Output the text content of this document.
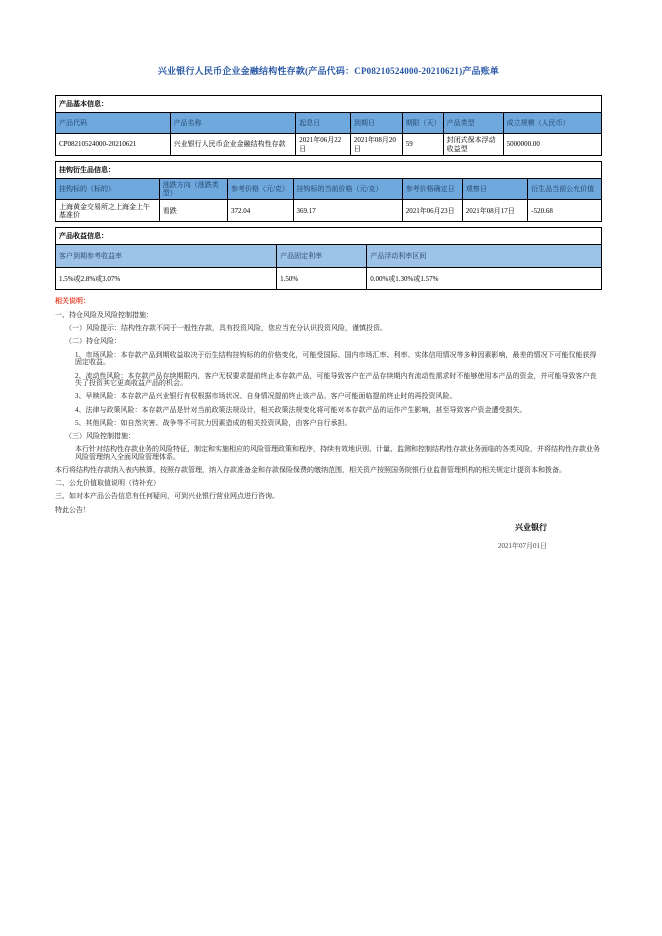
兴业银行人民币企业金融结构性存款(产品代码：CP08210524000-20210621)产品账单
产品基本信息：						
产品代码	产品名称	起息日	到期日	期限（天）	产品类型	成立规模（人民币）
CP08210524000-20210621	兴业银行人民币企业金融结构性存款	2021年06月22日	2021年08月20日	59	封闭式保本浮动收益型	5000000.00
挂钩衍生品信息：						
挂钩标的（标的）	涨跌方向（涨跌类型）	参考价格（元/克）	挂钩标的当前价格（元/克）	参考价格确定日	观察日	衍生品当前公允价值
上海黄金交易所之上海金上午基准价	看跌	372.04	369.17	2021年06月23日	2021年08月17日	-520.68
产品收益信息：		
客户到期参考收益率	产品固定利率	产品浮动利率区间
1.5%或2.8%或3.07%	1.50%	0.00%或1.30%或1.57%
相关说明：

一、持仓风险及风险控制措施：

（一）风险提示：结构性存款不同于一般性存款，具有投资风险，您应当充分认识投资风险，谨慎投资。

（二）持仓风险：

1、市场风险：本存款产品到期收益取决于衍生结构挂钩标的的价格变化，可能受国际、国内市场汇率、利率、实体信用情况等多种因素影响，最差的情况下可能仅能获得固定收益。

2、流动性风险：本存款产品存续期限内，客户无权要求提前终止本存款产品，可能导致客户在产品存续期内有流动性需求时不能够使用本产品的资金，并可能导致客户丧失了投资其它更高收益产品的机会。

3、早赎风险：本存款产品兴业银行有权根据市场状况、自身情况提前终止该产品。客户可能面临提前终止时的再投资风险。

4、法律与政策风险：本存款产品是针对当前政策法规设计，相关政策法规变化将可能对本存款产品的运作产生影响，甚至导致客户资金遭受损失。

5、其他风险：如自然灾害、战争等不可抗力因素造成的相关投资风险，由客户自行承担。

（三）风险控制措施：

本行针对结构性存款业务的风险特征，制定和实施相应的风险管理政策和程序，持续有效地识别、计量、监测和控制结构性存款业务面临的各类风险，并将结构性存款业务风险管理纳入全面风险管理体系。

本行将结构性存款纳入表内核算，按照存款管理，纳入存款准备金和存款保险保费的缴纳范围，相关资产按照国务院银行业监督管理机构的相关规定计提资本和拨备。

二、公允价值取值说明（待补充）

三、如对本产品公告信息有任何疑问，可到兴业银行营业网点进行咨询。

特此公告！

兴业银行
2021年07月01日
